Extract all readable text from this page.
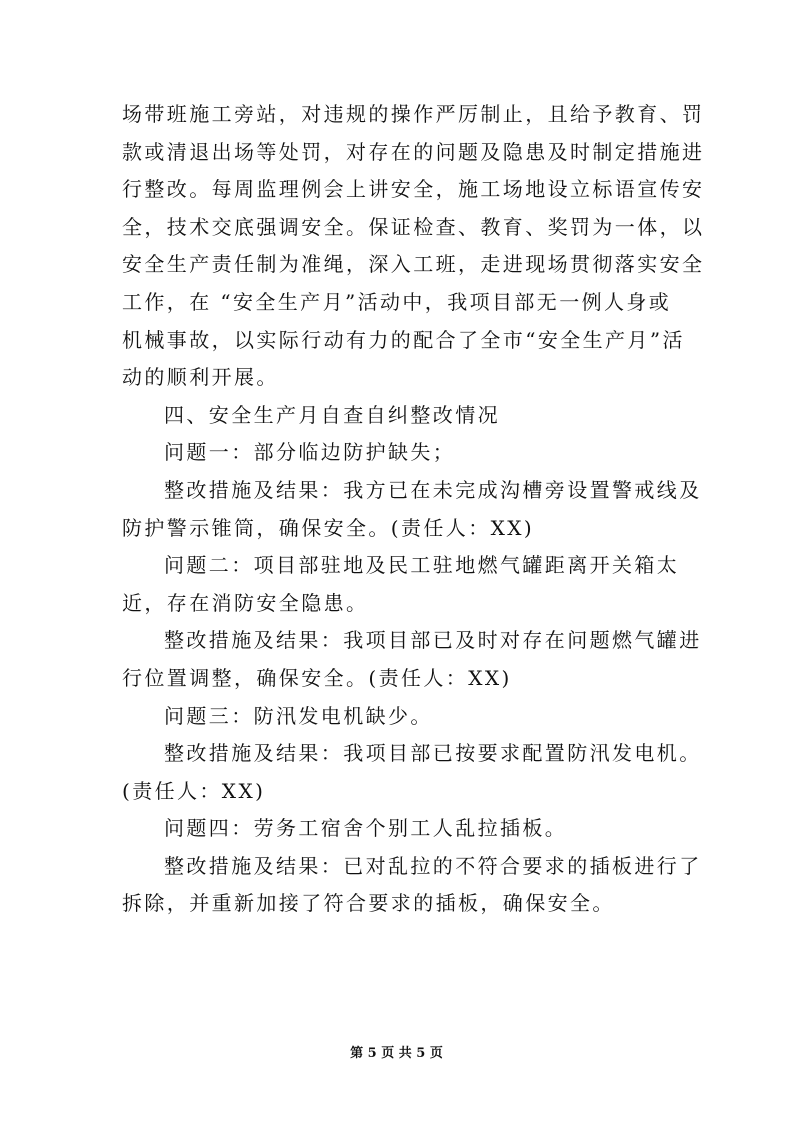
场带班施工旁站，对违规的操作严厉制止，且给予教育、罚
款或清退出场等处罚，对存在的问题及隐患及时制定措施进
行整改。每周监理例会上讲安全，施工场地设立标语宣传安
全，技术交底强调安全。保证检查、教育、奖罚为一体，以
安全生产责任制为准绳，深入工班，走进现场贯彻落实安全
工作，在 “安全生产月”活动中，我项目部无一例人身或
机械事故，以实际行动有力的配合了全市“安全生产月”活
动的顺利开展。
四、安全生产月自查自纠整改情况
问题一：部分临边防护缺失；
整改措施及结果：我方已在未完成沟槽旁设置警戒线及
防护警示锥筒，确保安全。(责任人：XX)
问题二：项目部驻地及民工驻地燃气罐距离开关箱太
近，存在消防安全隐患。
整改措施及结果：我项目部已及时对存在问题燃气罐进
行位置调整，确保安全。(责任人：XX)
问题三：防汛发电机缺少。
整改措施及结果：我项目部已按要求配置防汛发电机。
(责任人：XX)
问题四：劳务工宿舍个别工人乱拉插板。
整改措施及结果：已对乱拉的不符合要求的插板进行了
拆除，并重新加接了符合要求的插板，确保安全。
第 5 页 共 5 页
